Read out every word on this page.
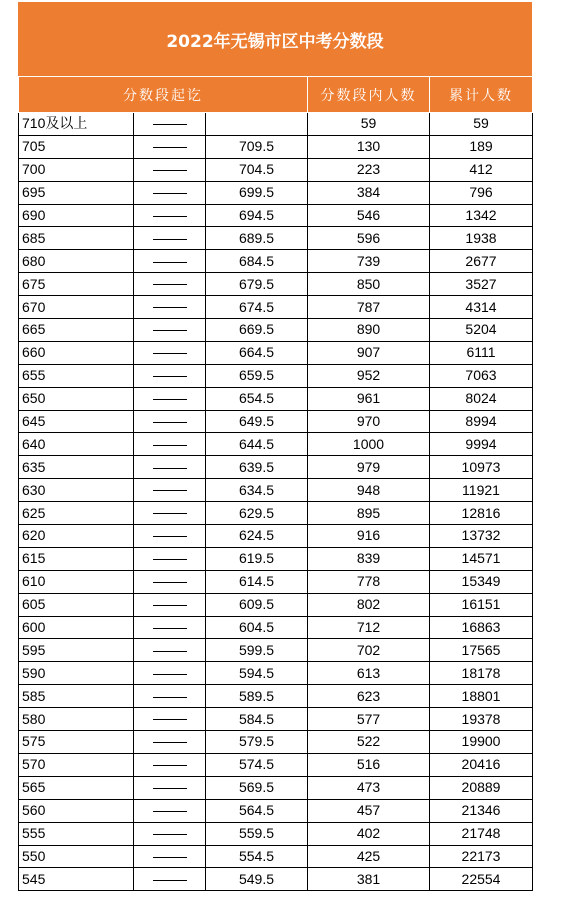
2022年无锡市区中考分数段
分数段起讫			分数段内人数	累计人数
710及以上			59	59
705		709.5	130	189
700		704.5	223	412
695		699.5	384	796
690		694.5	546	1342
685		689.5	596	1938
680		684.5	739	2677
675		679.5	850	3527
670		674.5	787	4314
665		669.5	890	5204
660		664.5	907	6111
655		659.5	952	7063
650		654.5	961	8024
645		649.5	970	8994
640		644.5	1000	9994
635		639.5	979	10973
630		634.5	948	11921
625		629.5	895	12816
620		624.5	916	13732
615		619.5	839	14571
610		614.5	778	15349
605		609.5	802	16151
600		604.5	712	16863
595		599.5	702	17565
590		594.5	613	18178
585		589.5	623	18801
580		584.5	577	19378
575		579.5	522	19900
570		574.5	516	20416
565		569.5	473	20889
560		564.5	457	21346
555		559.5	402	21748
550		554.5	425	22173
545		549.5	381	22554
